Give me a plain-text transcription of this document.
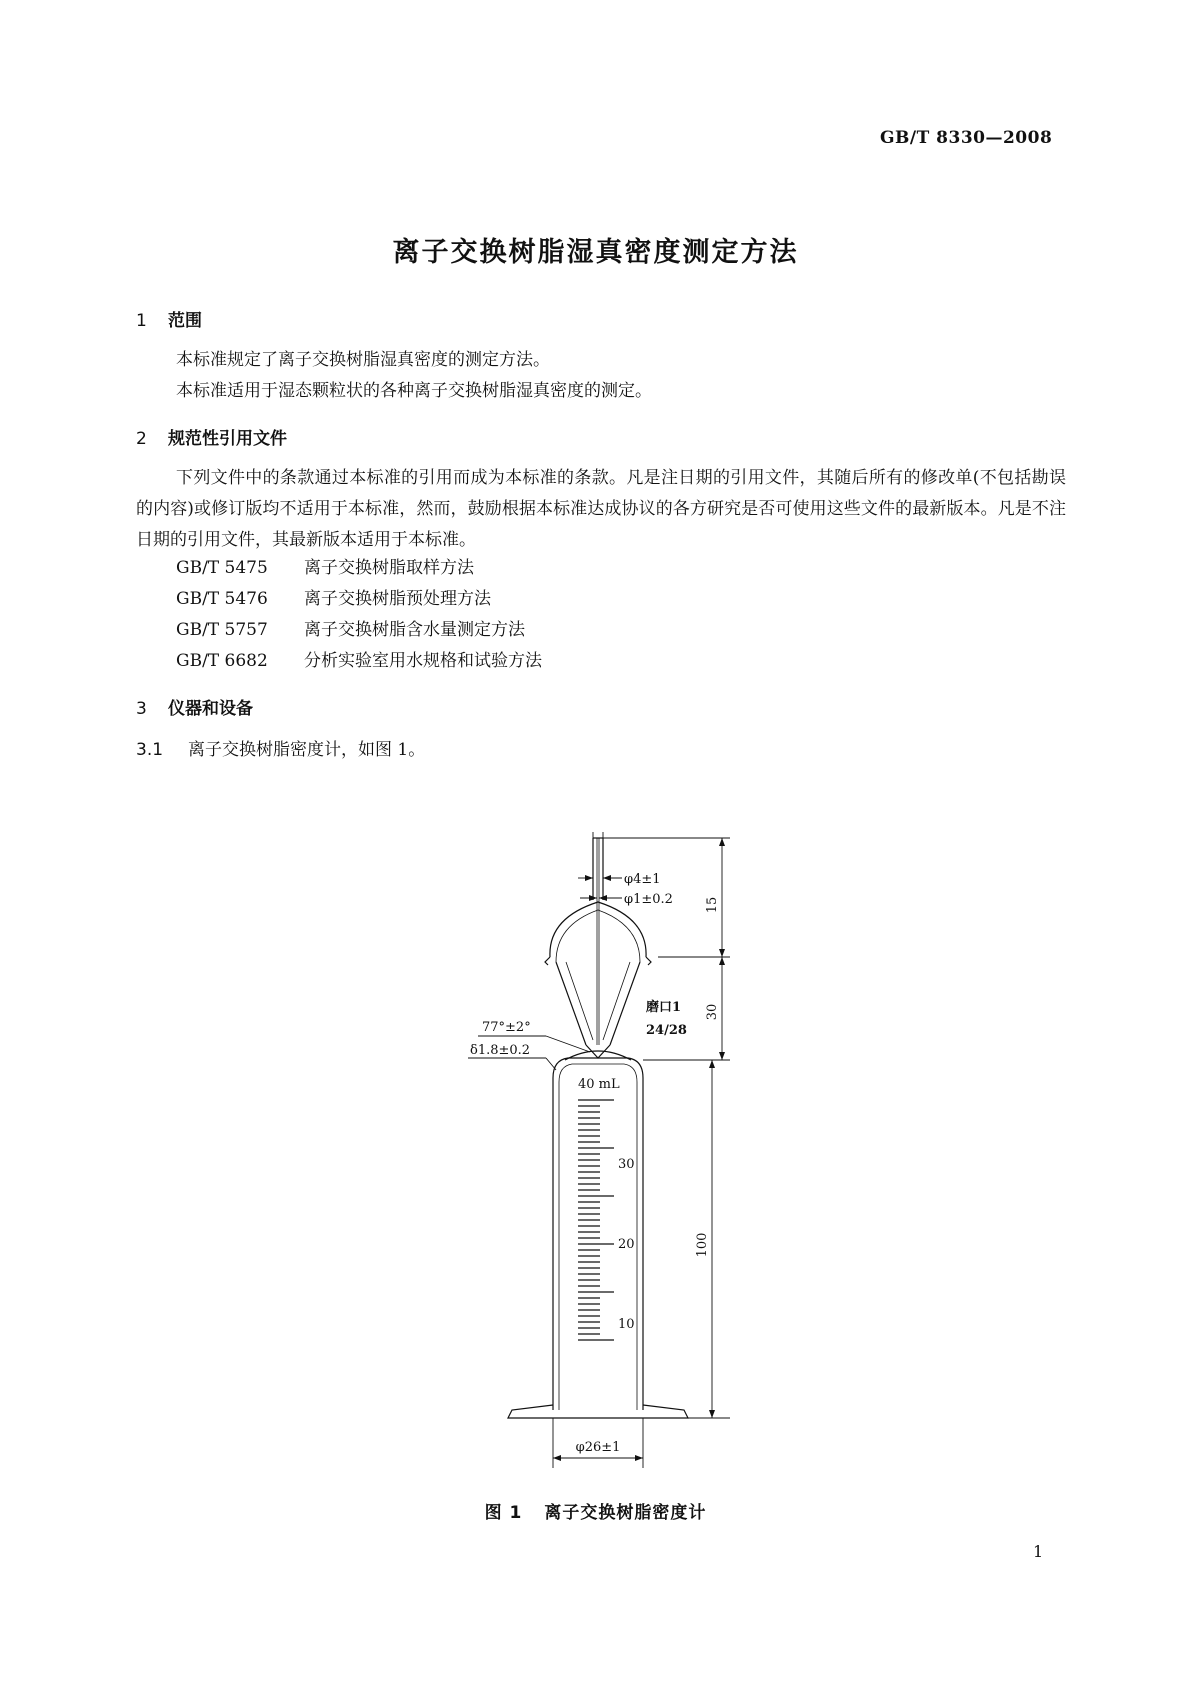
GB/T 8330—2008
离子交换树脂湿真密度测定方法
1 范围
本标准规定了离子交换树脂湿真密度的测定方法。
本标准适用于湿态颗粒状的各种离子交换树脂湿真密度的测定。
2 规范性引用文件
下列文件中的条款通过本标准的引用而成为本标准的条款。凡是注日期的引用文件，其随后所有的修改单(不包括勘误的内容)或修订版均不适用于本标准，然而，鼓励根据本标准达成协议的各方研究是否可使用这些文件的最新版本。凡是不注日期的引用文件，其最新版本适用于本标准。
GB/T 5475 离子交换树脂取样方法
GB/T 5476 离子交换树脂预处理方法
GB/T 5757 离子交换树脂含水量测定方法
GB/T 6682 分析实验室用水规格和试验方法
3 仪器和设备
3.1 离子交换树脂密度计，如图 1。
φ4±1
φ1±0.2 15
30
100
磨口1
24/28
77°±2°
δ1.8±0.2
40 mL
30
20
10
φ26±1
图 1 离子交换树脂密度计
1
